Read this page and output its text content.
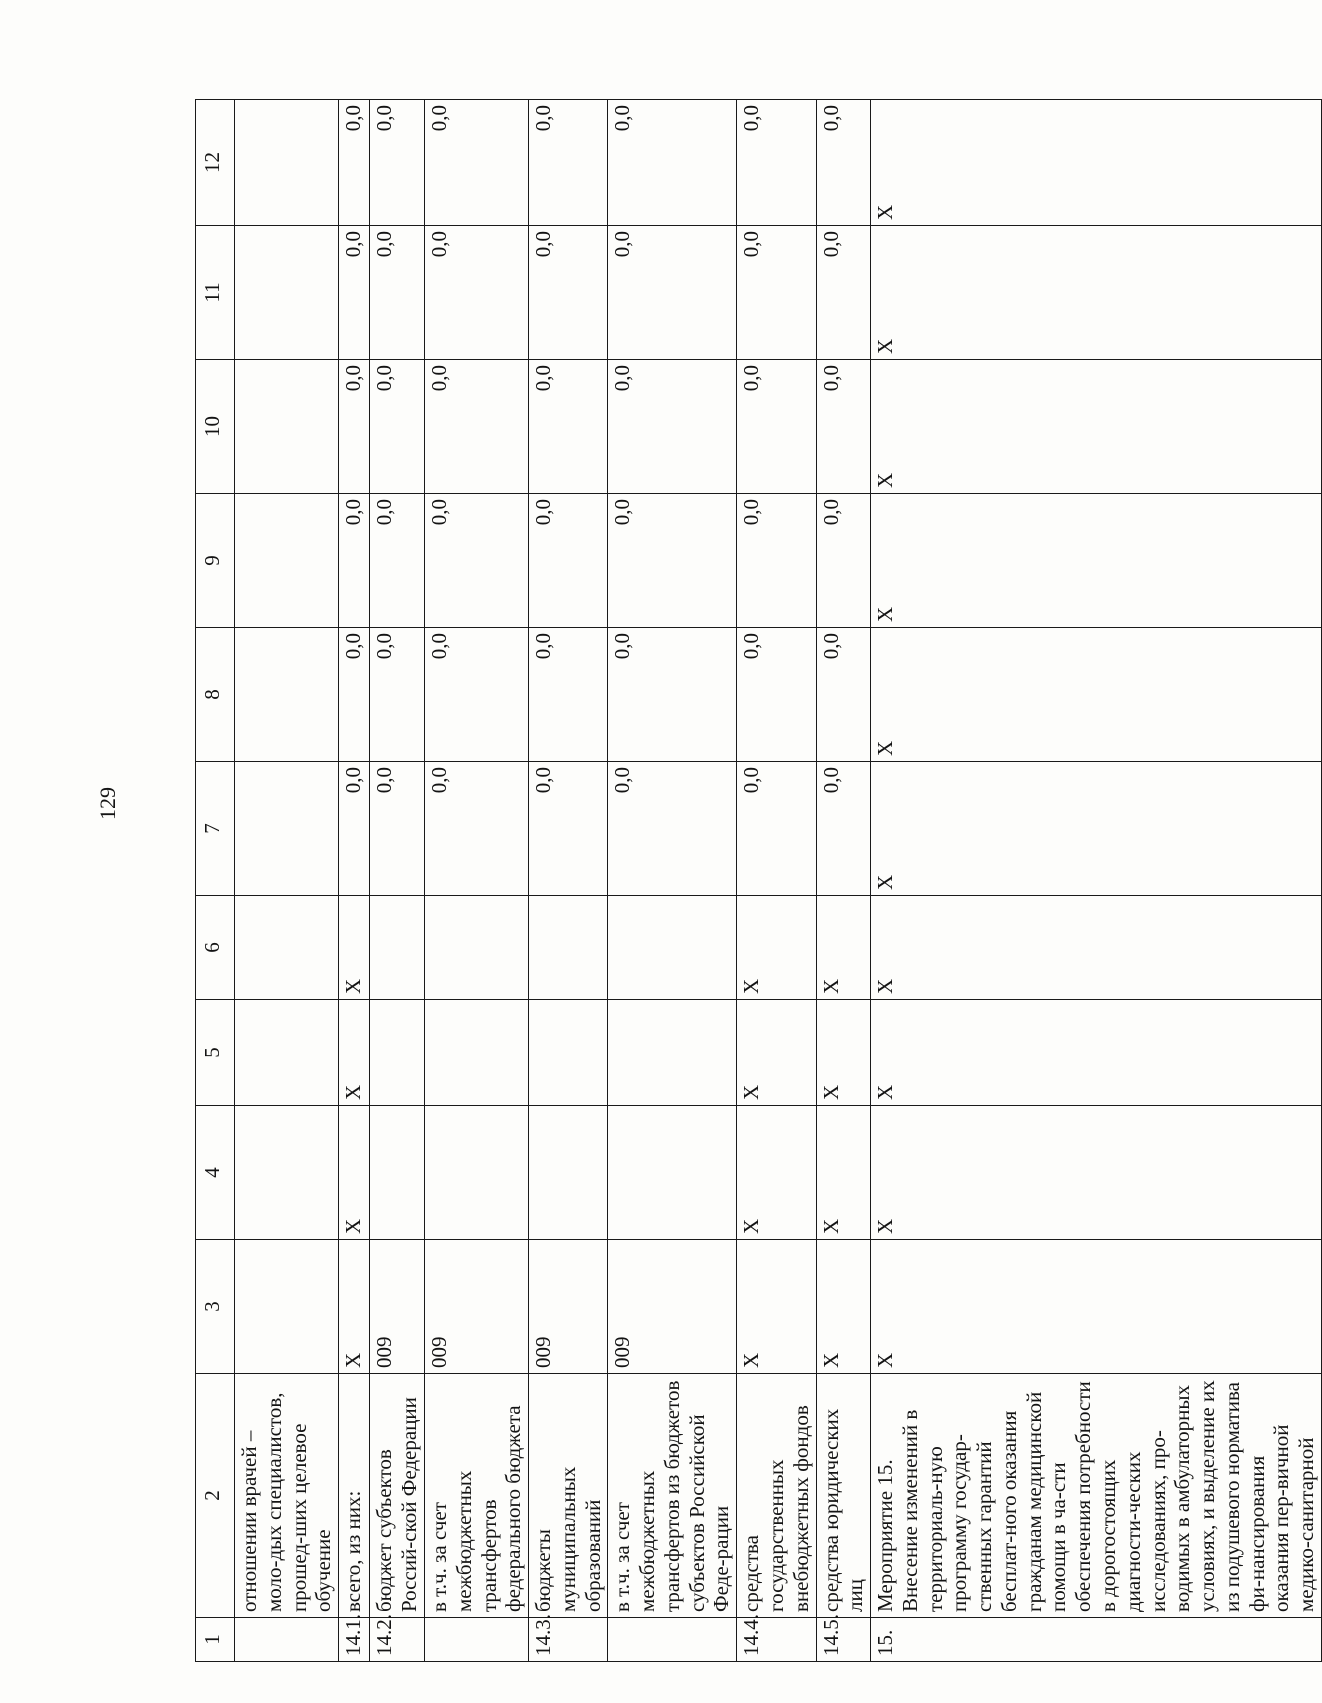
129
1	2	3	4	5	6	7	8	9	10	11	12
	отношении врачей – моло-дых специалистов, прошед-ших целевое обучение										
14.1.	всего, из них:	Х	Х	Х	Х	0,0	0,0	0,0	0,0	0,0	0,0
14.2.	бюджет субъектов Россий-ской Федерации	009				0,0	0,0	0,0	0,0	0,0	0,0
	в т.ч. за счет межбюджетных трансфертов федерального бюджета	009				0,0	0,0	0,0	0,0	0,0	0,0
14.3.	бюджеты муниципальных образований	009				0,0	0,0	0,0	0,0	0,0	0,0
	в т.ч. за счет межбюджетных трансфертов из бюджетов субъектов Российской Феде-рации	009				0,0	0,0	0,0	0,0	0,0	0,0
14.4.	средства государственных внебюджетных фондов	Х	Х	Х	Х	0,0	0,0	0,0	0,0	0,0	0,0
14.5.	средства юридических лиц	Х	Х	Х	Х	0,0	0,0	0,0	0,0	0,0	0,0
15.	Мероприятие 15. Внесение изменений в территориаль-ную программу государ-ственных гарантий бесплат-ного оказания гражданам медицинской помощи в ча-сти обеспечения потребности в дорогостоящих диагности-ческих исследованиях, про-водимых в амбулаторных условиях, и выделение их из подушевого норматива фи-нансирования оказания пер-вичной медико-санитарной	Х	Х	Х	Х	Х	Х	Х	Х	Х	Х
